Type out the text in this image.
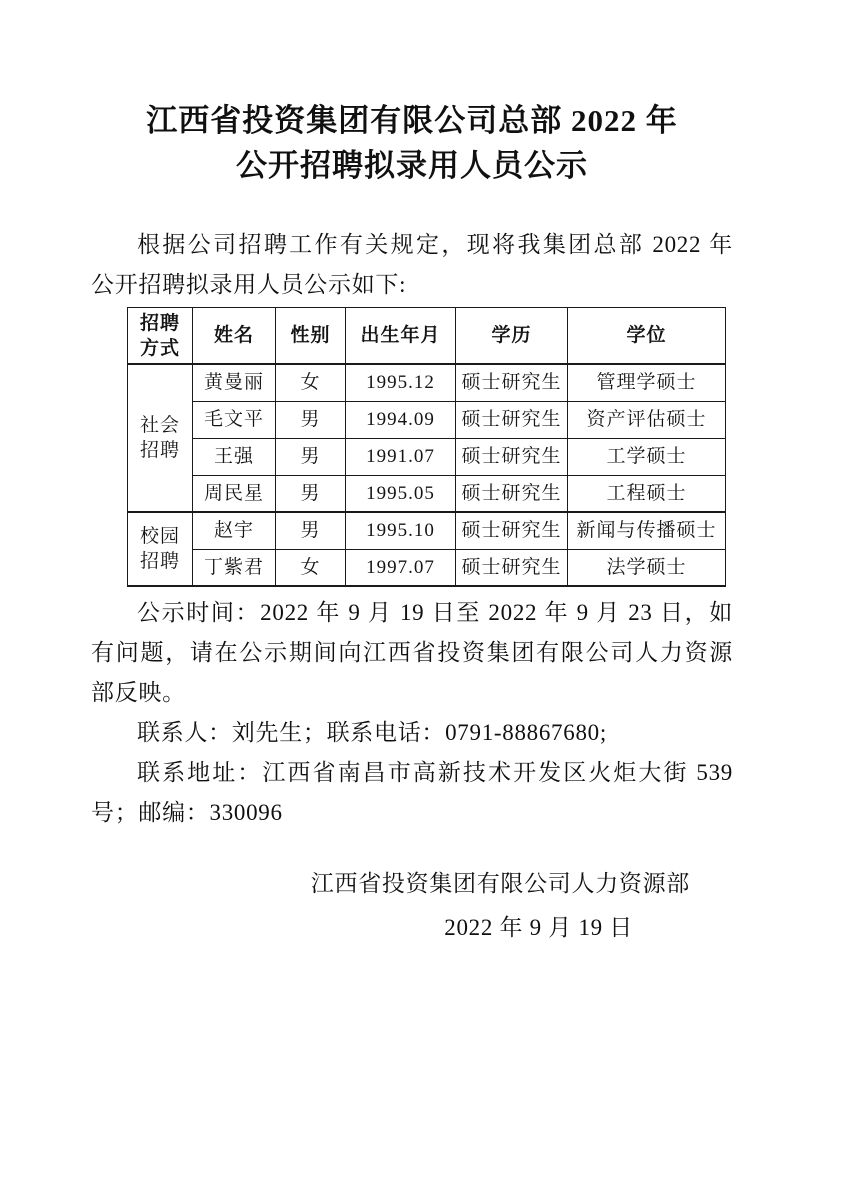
江西省投资集团有限公司总部 2022 年
公开招聘拟录用人员公示
根据公司招聘工作有关规定，现将我集团总部 2022 年
公开招聘拟录用人员公示如下:
招聘方式	姓名	性别	出生年月	学历	学位
社会招聘	黄曼丽	女	1995.12	硕士研究生	管理学硕士
	毛文平	男	1994.09	硕士研究生	资产评估硕士
	王强	男	1991.07	硕士研究生	工学硕士
	周民星	男	1995.05	硕士研究生	工程硕士
校园招聘	赵宇	男	1995.10	硕士研究生	新闻与传播硕士
	丁紫君	女	1997.07	硕士研究生	法学硕士
公示时间：2022 年 9 月 19 日至 2022 年 9 月 23 日，如
有问题，请在公示期间向江西省投资集团有限公司人力资源
部反映。
联系人：刘先生；联系电话：0791-88867680;
联系地址：江西省南昌市高新技术开发区火炬大街 539
号；邮编：330096
江西省投资集团有限公司人力资源部
2022 年 9 月 19 日
